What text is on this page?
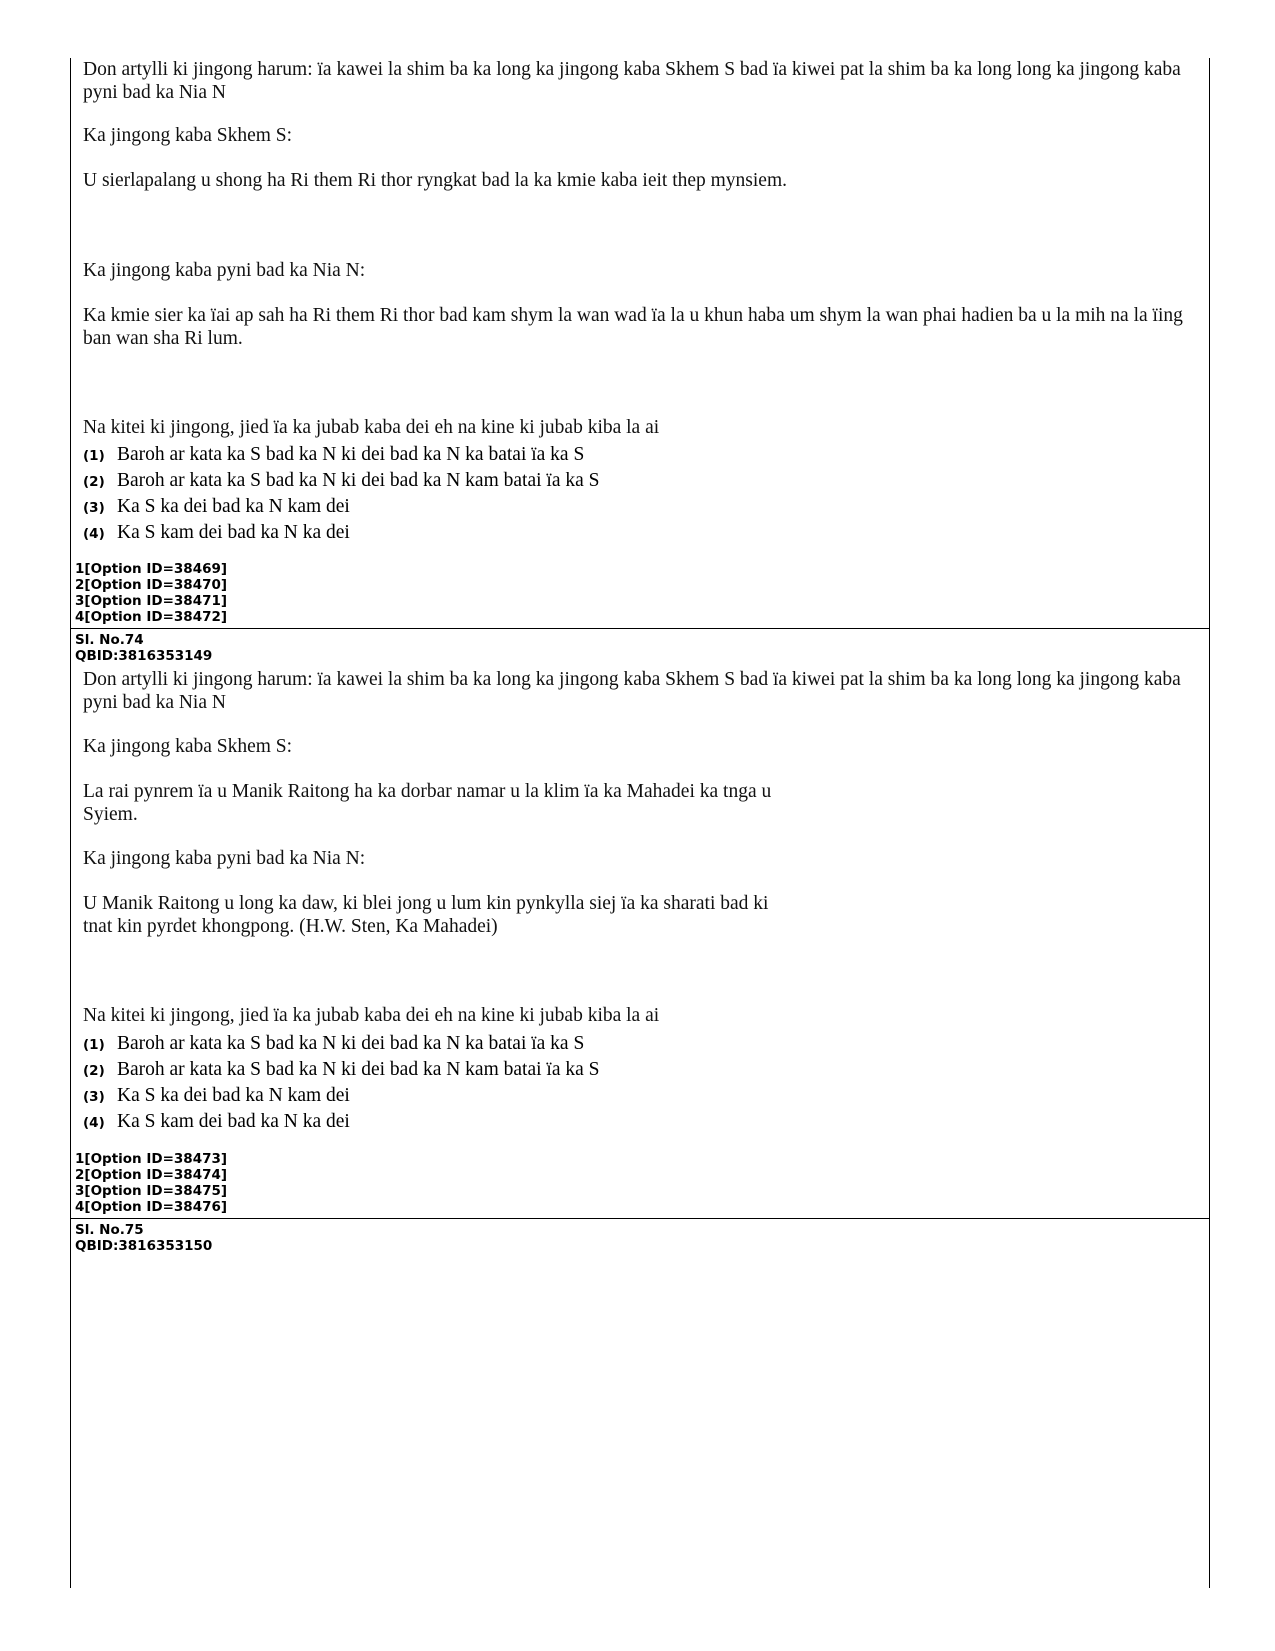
Don artylli ki jingong harum: ïa kawei la shim ba ka long ka jingong kaba Skhem S bad ïa kiwei pat la shim ba ka long long ka jingong kaba pyni bad ka Nia N

Ka jingong kaba Skhem S:

U sierlapalang u shong ha Ri them Ri thor ryngkat bad la ka kmie kaba ieit thep mynsiem.

Ka jingong kaba pyni bad ka Nia N:

Ka kmie sier ka ïai ap sah ha Ri them Ri thor bad kam shym la wan wad ïa la u khun haba um shym la wan phai hadien ba u la mih na la ïing ban wan sha Ri lum.

Na kitei ki jingong, jied ïa ka jubab kaba dei eh na kine ki jubab kiba la ai

(1) Baroh ar kata ka S bad ka N ki dei bad ka N ka batai ïa ka S
(2) Baroh ar kata ka S bad ka N ki dei bad ka N kam batai ïa ka S
(3) Ka S ka dei bad ka N kam dei
(4) Ka S kam dei bad ka N ka dei
1[Option ID=38469]
2[Option ID=38470]
3[Option ID=38471]
4[Option ID=38472]
Sl. No.74
QBID:3816353149

Don artylli ki jingong harum: ïa kawei la shim ba ka long ka jingong kaba Skhem S bad ïa kiwei pat la shim ba ka long long ka jingong kaba pyni bad ka Nia N

Ka jingong kaba Skhem S:

La rai pynrem ïa u Manik Raitong ha ka dorbar namar u la klim ïa ka Mahadei ka tnga u
Syiem.

Ka jingong kaba pyni bad ka Nia N:

U Manik Raitong u long ka daw, ki blei jong u lum kin pynkylla siej ïa ka sharati bad ki
tnat kin pyrdet khongpong. (H.W. Sten, Ka Mahadei)

Na kitei ki jingong, jied ïa ka jubab kaba dei eh na kine ki jubab kiba la ai

(1) Baroh ar kata ka S bad ka N ki dei bad ka N ka batai ïa ka S
(2) Baroh ar kata ka S bad ka N ki dei bad ka N kam batai ïa ka S
(3) Ka S ka dei bad ka N kam dei
(4) Ka S kam dei bad ka N ka dei
1[Option ID=38473]
2[Option ID=38474]
3[Option ID=38475]
4[Option ID=38476]
Sl. No.75
QBID:3816353150
